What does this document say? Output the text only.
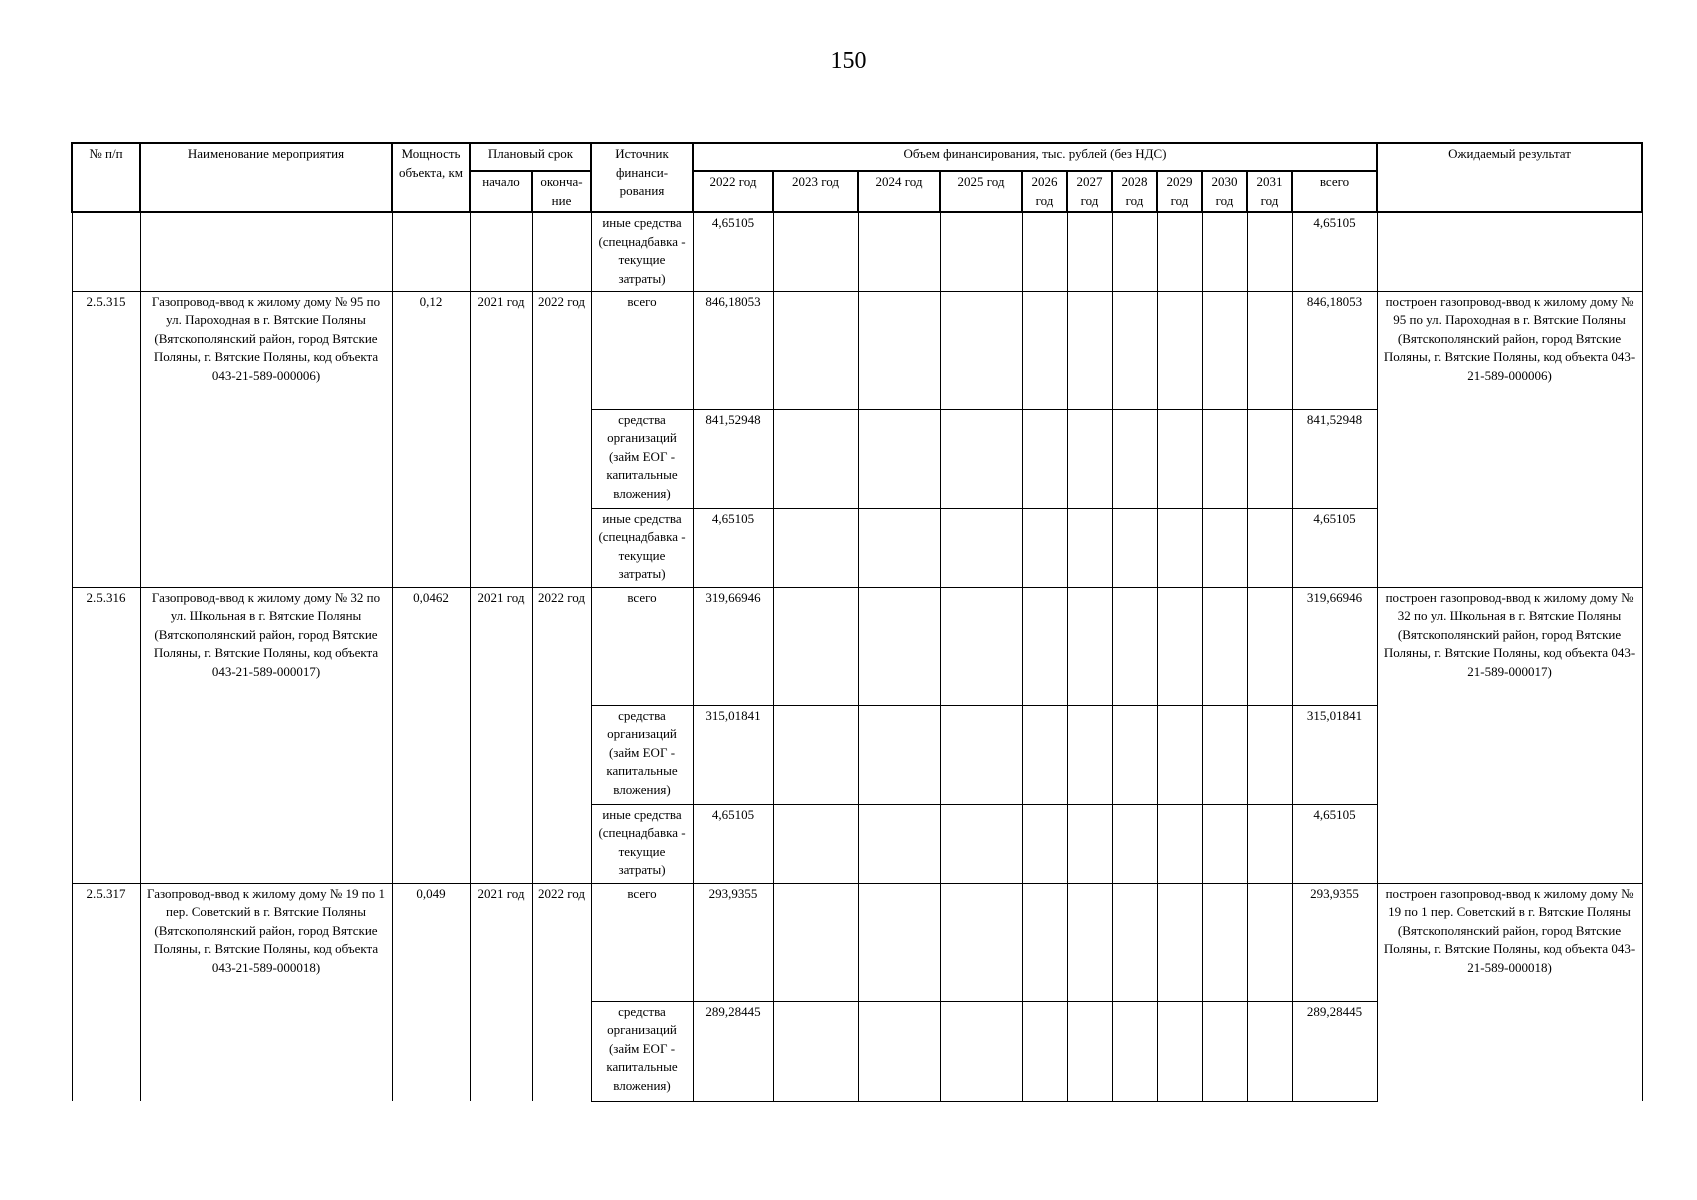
150
№ п/п	Наименование мероприятия	Мощность объекта, км	Плановый срок		Источник финанси-рования	Объем финансирования, тыс. рублей (без НДС)											Ожидаемый результат
			начало	оконча-ние		2022 год	2023 год	2024 год	2025 год	2026 год	2027 год	2028 год	2029 год	2030 год	2031 год	всего	
					иные средства (спецнадбавка - текущие затраты)	4,65105										4,65105	
2.5.315	Газопровод-ввод к жилому дому № 95 по ул. Пароходная в г. Вятские Поляны (Вятскополянский район, город Вятские Поляны, г. Вятские Поляны, код объекта 043-21-589-000006)	0,12	2021 год	2022 год	всего	846,18053										846,18053	построен газопровод-ввод к жилому дому № 95 по ул. Пароходная в г. Вятские Поляны (Вятскополянский район, город Вятские Поляны, г. Вятские Поляны, код объекта 043-21-589-000006)
					средства организаций (займ ЕОГ - капитальные вложения)	841,52948										841,52948	
					иные средства (спецнадбавка - текущие затраты)	4,65105										4,65105	
2.5.316	Газопровод-ввод к жилому дому № 32 по ул. Школьная в г. Вятские Поляны (Вятскополянский район, город Вятские Поляны, г. Вятские Поляны, код объекта 043-21-589-000017)	0,0462	2021 год	2022 год	всего	319,66946										319,66946	построен газопровод-ввод к жилому дому № 32 по ул. Школьная в г. Вятские Поляны (Вятскополянский район, город Вятские Поляны, г. Вятские Поляны, код объекта 043-21-589-000017)
					средства организаций (займ ЕОГ - капитальные вложения)	315,01841										315,01841	
					иные средства (спецнадбавка - текущие затраты)	4,65105										4,65105	
2.5.317	Газопровод-ввод к жилому дому № 19 по 1 пер. Советский в г. Вятские Поляны (Вятскополянский район, город Вятские Поляны, г. Вятские Поляны, код объекта 043-21-589-000018)	0,049	2021 год	2022 год	всего	293,9355										293,9355	построен газопровод-ввод к жилому дому № 19 по 1 пер. Советский в г. Вятские Поляны (Вятскополянский район, город Вятские Поляны, г. Вятские Поляны, код объекта 043-21-589-000018)
					средства организаций (займ ЕОГ - капитальные вложения)	289,28445										289,28445	
